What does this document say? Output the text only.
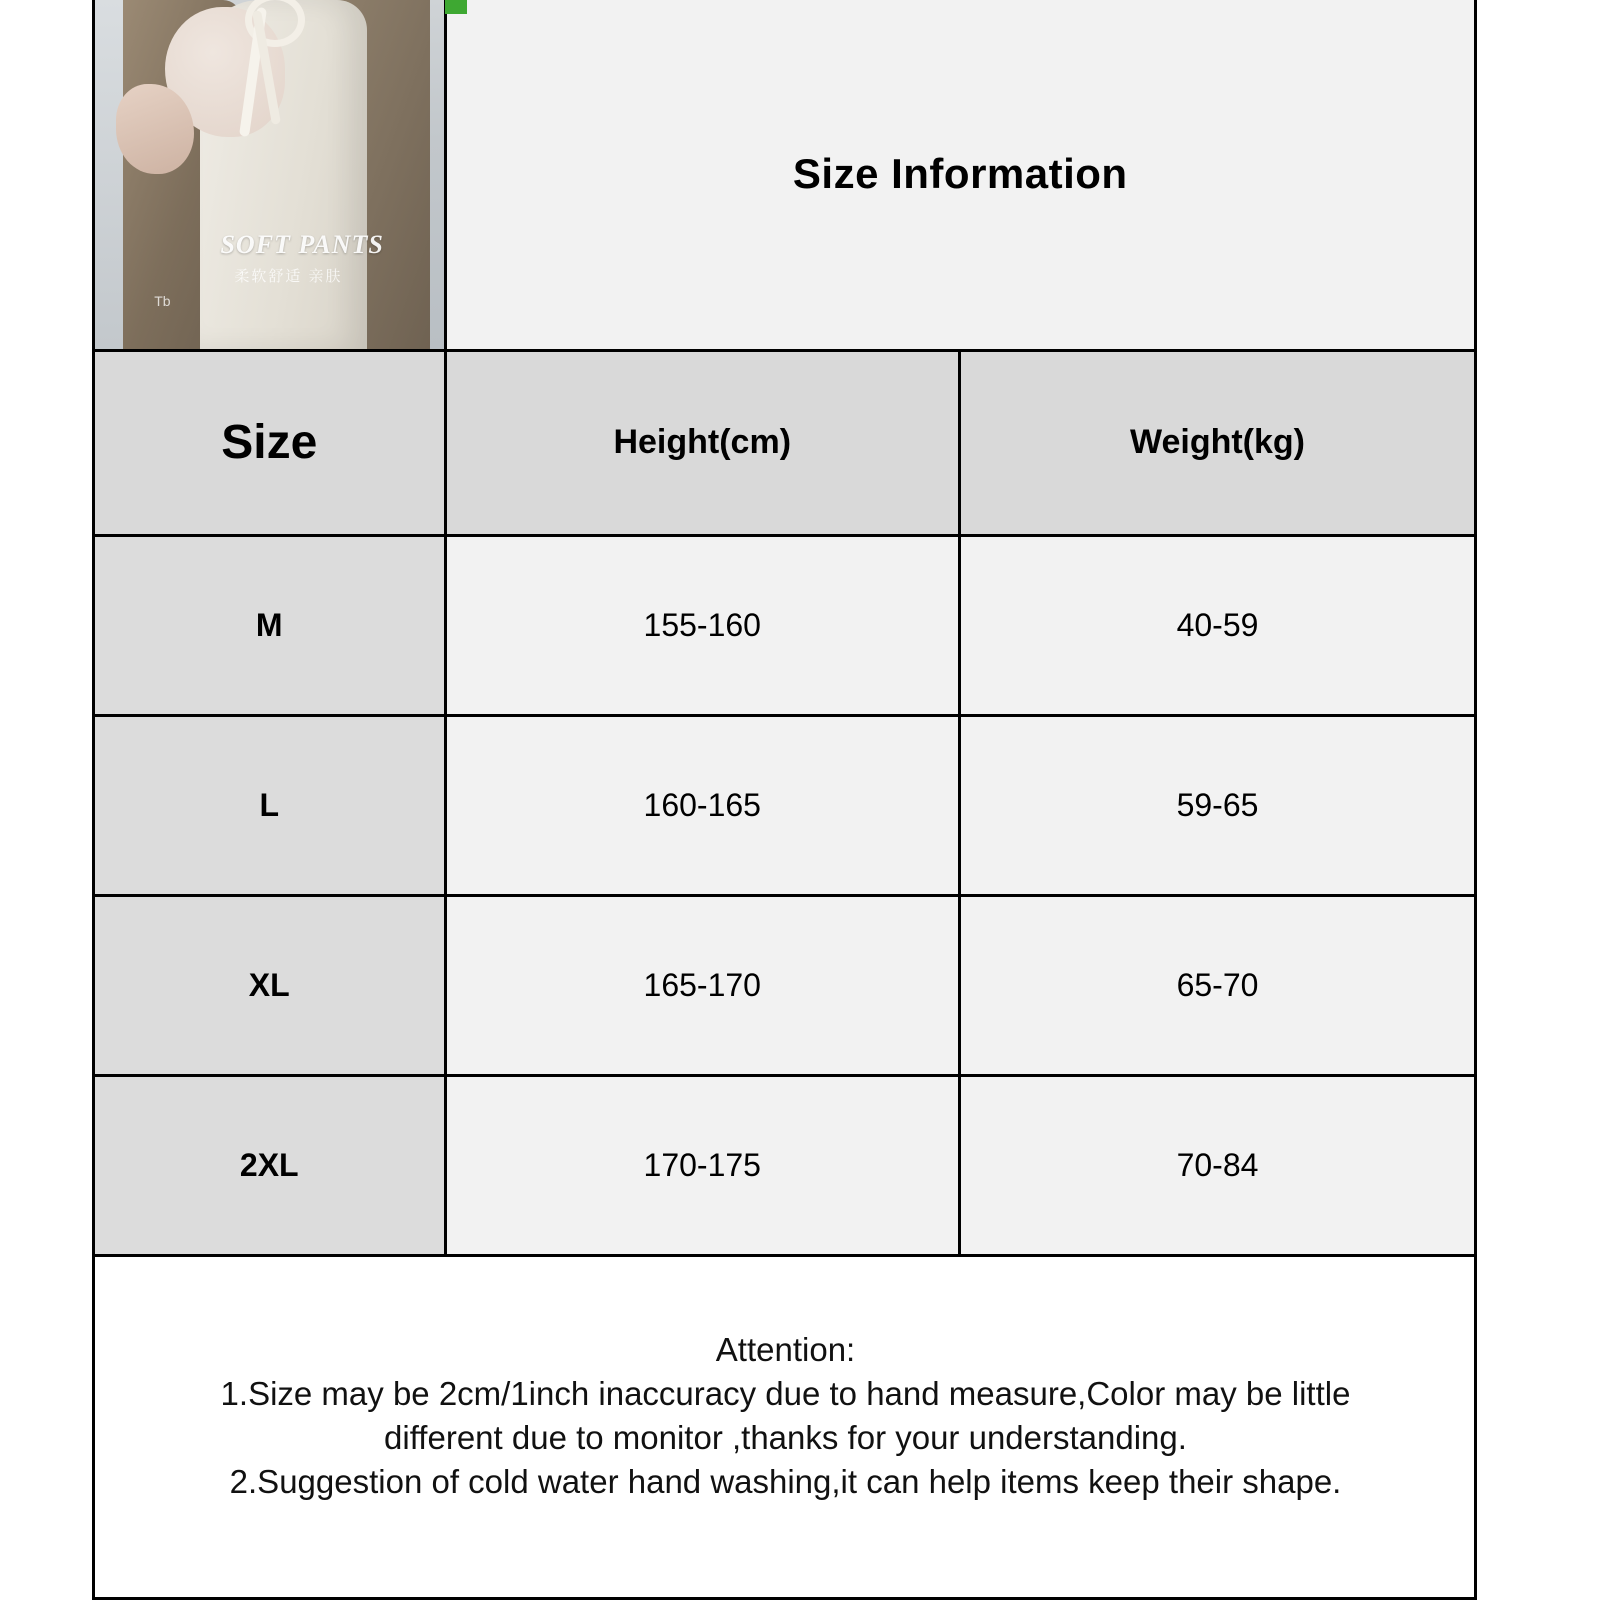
SOFT PANTS
柔软舒适 亲肤
Tb	Size Information	
Size	Height(cm)	Weight(kg)
M	155-160	40-59
L	160-165	59-65
XL	165-170	65-70
2XL	170-175	70-84

Attention:
1.Size may be 2cm/1inch inaccuracy due to hand measure,Color may be little
different due to monitor ,thanks for your understanding.
2.Suggestion of cold water hand washing,it can help items keep their shape.		
